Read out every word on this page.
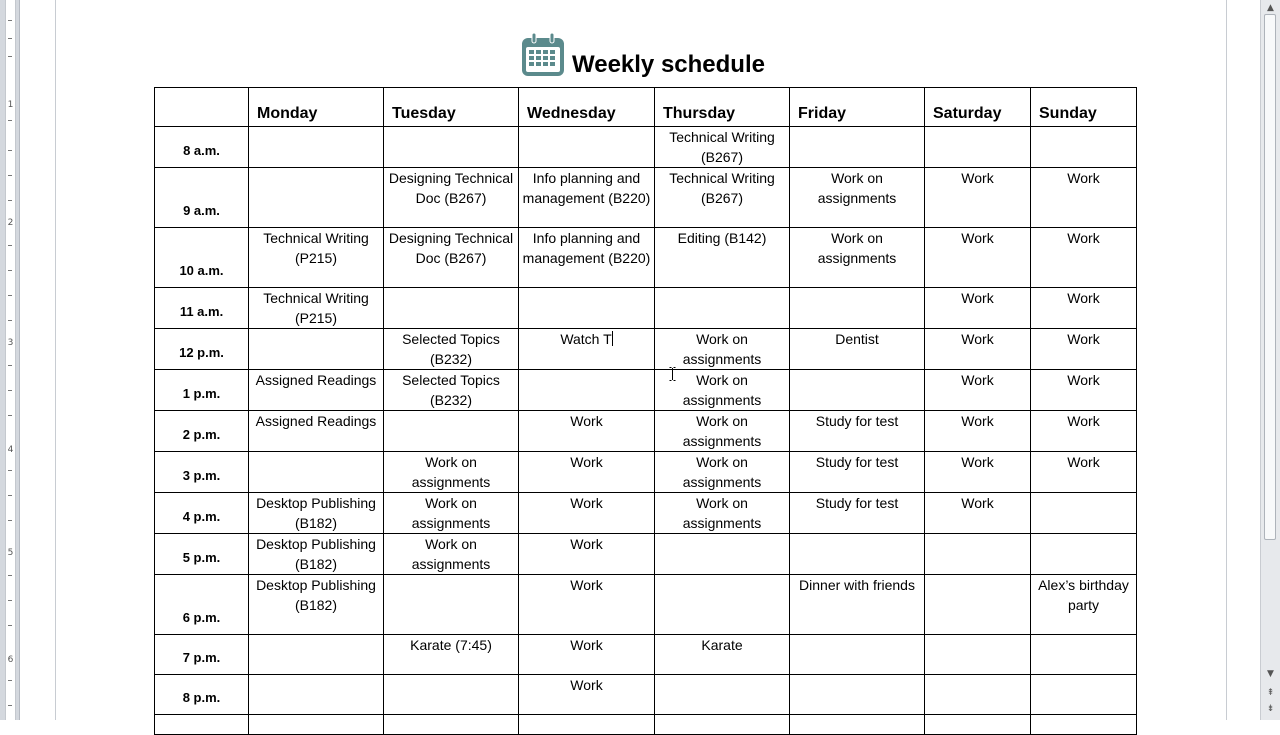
1
2
3
4
5
6
▲
▼
⇞
⇟
Weekly schedule
	Monday	Tuesday	Wednesday	Thursday	Friday	Saturday	Sunday
8 a.m.				Technical Writing (B267)			
9 a.m.		Designing Technical Doc (B267)	Info planning and management (B220)	Technical Writing (B267)	Work on assignments	Work	Work
10 a.m.	Technical Writing (P215)	Designing Technical Doc (B267)	Info planning and management (B220)	Editing (B142)	Work on assignments	Work	Work
11 a.m.	Technical Writing (P215)					Work	Work
12 p.m.		Selected Topics (B232)	Watch T	Work on assignments	Dentist	Work	Work
1 p.m.	Assigned Readings	Selected Topics (B232)		Work on assignments		Work	Work
2 p.m.	Assigned Readings		Work	Work on assignments	Study for test	Work	Work
3 p.m.		Work on assignments	Work	Work on assignments	Study for test	Work	Work
4 p.m.	Desktop Publishing (B182)	Work on assignments	Work	Work on assignments	Study for test	Work	
5 p.m.	Desktop Publishing (B182)	Work on assignments	Work				
6 p.m.	Desktop Publishing (B182)		Work		Dinner with friends		Alex’s birthday party
7 p.m.		Karate (7:45)	Work	Karate			
8 p.m.			Work				
